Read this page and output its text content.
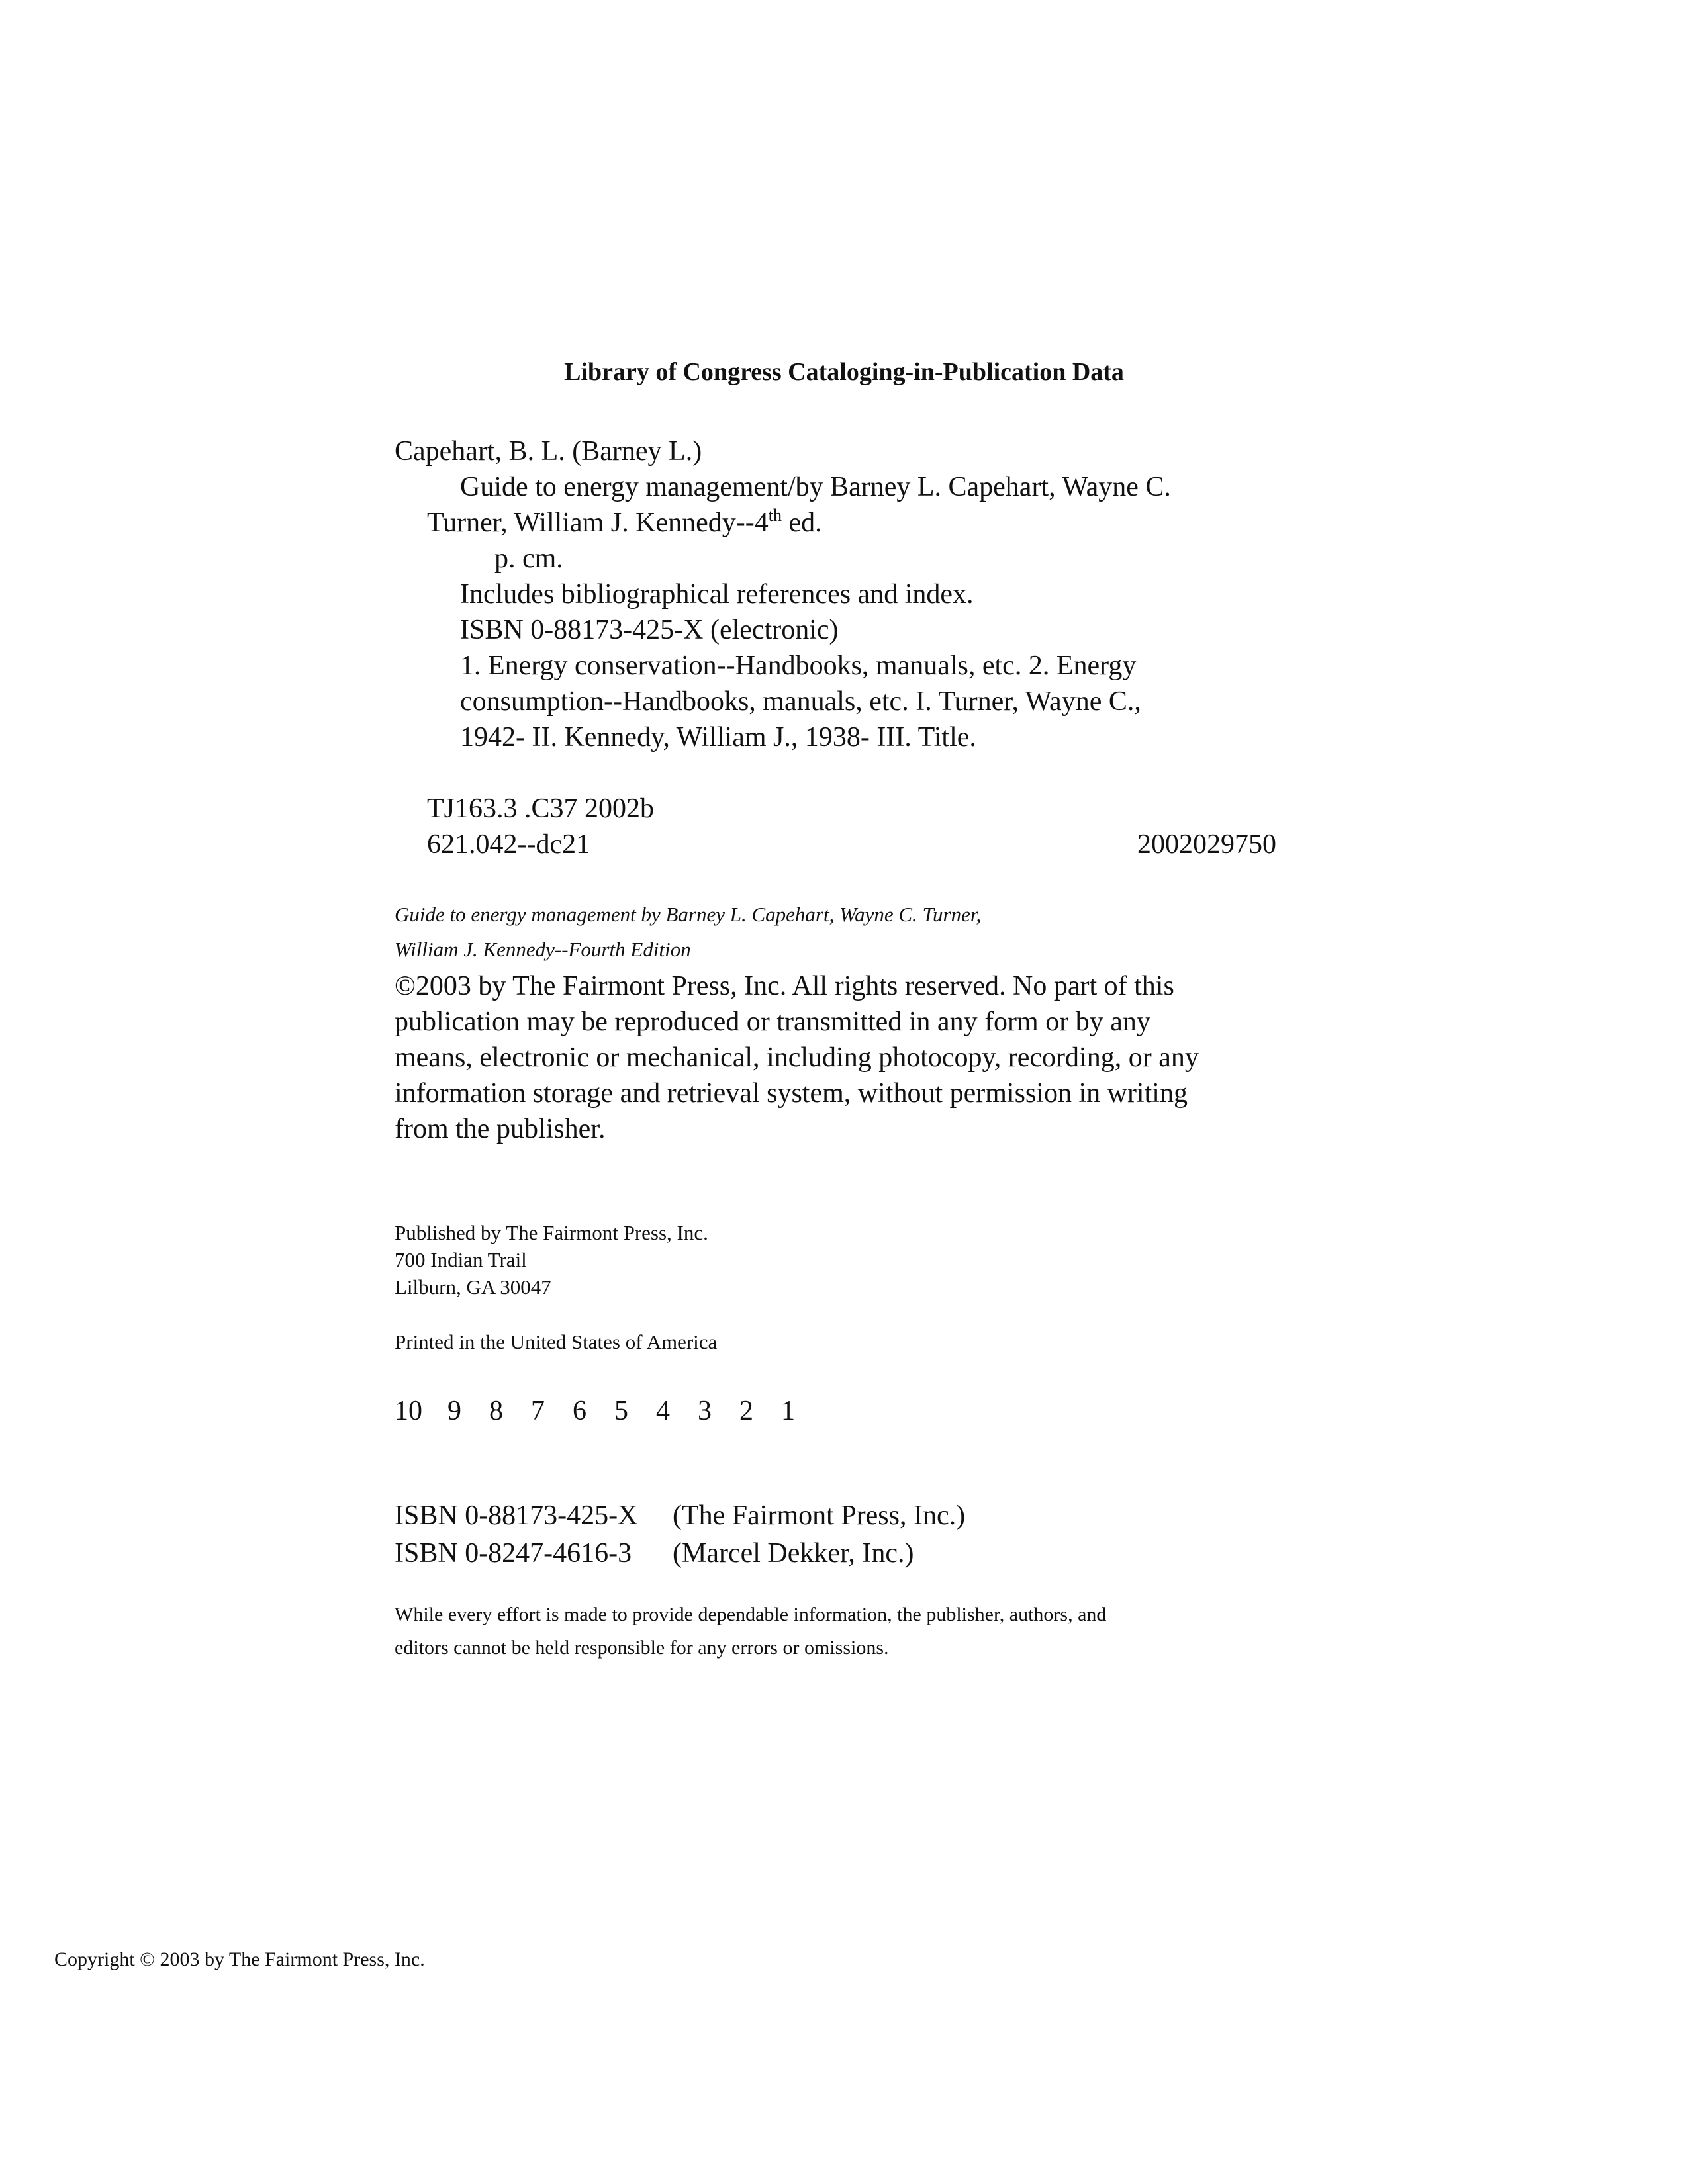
Library of Congress Cataloging-in-Publication Data
Capehart, B. L. (Barney L.)
Guide to energy management/by Barney L. Capehart, Wayne C.
Turner, William J. Kennedy--4th ed.
p. cm.
Includes bibliographical references and index.
ISBN 0-88173-425-X (electronic)
1. Energy conservation--Handbooks, manuals, etc. 2. Energy
consumption--Handbooks, manuals, etc. I. Turner, Wayne C.,
1942- II. Kennedy, William J., 1938- III. Title.
TJ163.3 .C37 2002b
621.042--dc21	2002029750
Guide to energy management by Barney L. Capehart, Wayne C. Turner,
William J. Kennedy--Fourth Edition
©2003 by The Fairmont Press, Inc. All rights reserved. No part of this
publication may be reproduced or transmitted in any form or by any
means, electronic or mechanical, including photocopy, recording, or any
information storage and retrieval system, without permission in writing
from the publisher.
Published by The Fairmont Press, Inc.
700 Indian Trail
Lilburn, GA 30047
Printed in the United States of America
10 9 8 7 6 5 4 3 2 1
ISBN 0-88173-425-X (The Fairmont Press, Inc.)
ISBN 0-8247-4616-3 (Marcel Dekker, Inc.)
While every effort is made to provide dependable information, the publisher, authors, and
editors cannot be held responsible for any errors or omissions.
Copyright © 2003 by The Fairmont Press, Inc.
